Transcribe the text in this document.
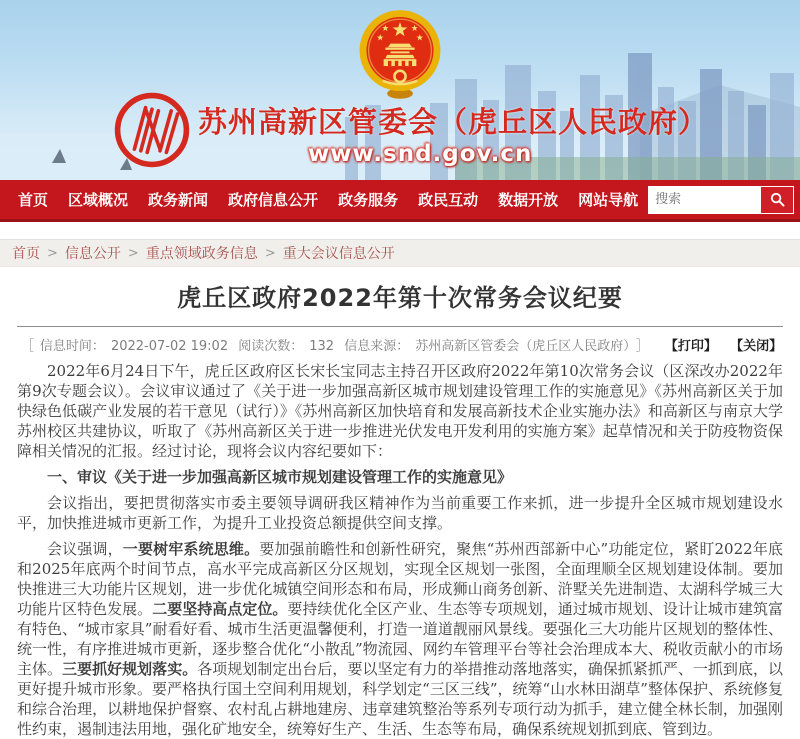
苏州高新区管委会（虎丘区人民政府）
www.snd.gov.cn
首页	区域概况	政务新闻	政府信息公开	政务服务	政民互动	数据开放	网站导航
搜索
首页 > 信息公开 > 重点领域政务信息 > 重大会议信息公开
虎丘区政府2022年第十次常务会议纪要
［ 信息时间： 2022-07-02 19:02 阅读次数： 132 信息来源： 苏州高新区管委会（虎丘区人民政府） ］ 【打印】 【关闭】

2022年6月24日下午，虎丘区政府区长宋长宝同志主持召开区政府2022年第10次常务会议（区深改办2022年第9次专题会议）。会议审议通过了《关于进一步加强高新区城市规划建设管理工作的实施意见》《苏州高新区关于加快绿色低碳产业发展的若干意见（试行）》《苏州高新区加快培育和发展高新技术企业实施办法》和高新区与南京大学苏州校区共建协议，听取了《苏州高新区关于进一步推进光伏发电开发利用的实施方案》起草情况和关于防疫物资保障相关情况的汇报。经过讨论，现将会议内容纪要如下：

一、审议《关于进一步加强高新区城市规划建设管理工作的实施意见》

会议指出，要把贯彻落实市委主要领导调研我区精神作为当前重要工作来抓，进一步提升全区城市规划建设水平，加快推进城市更新工作，为提升工业投资总额提供空间支撑。

会议强调，一要树牢系统思维。要加强前瞻性和创新性研究，聚焦“苏州西部新中心”功能定位，紧盯2022年底和2025年底两个时间节点，高水平完成高新区分区规划，实现全区规划一张图，全面理顺全区规划建设体制。要加快推进三大功能片区规划，进一步优化城镇空间形态和布局，形成狮山商务创新、浒墅关先进制造、太湖科学城三大功能片区特色发展。二要坚持高点定位。要持续优化全区产业、生态等专项规划，通过城市规划、设计让城市建筑富有特色、“城市家具”耐看好看、城市生活更温馨便利，打造一道道靓丽风景线。要强化三大功能片区规划的整体性、统一性，有序推进城市更新，逐步整合优化“小散乱”物流园、网约车管理平台等社会治理成本大、税收贡献小的市场主体。三要抓好规划落实。各项规划制定出台后，要以坚定有力的举措推动落地落实，确保抓紧抓严、一抓到底，以更好提升城市形象。要严格执行国土空间利用规划，科学划定“三区三线”，统筹“山水林田湖草”整体保护、系统修复和综合治理，以耕地保护督察、农村乱占耕地建房、违章建筑整治等系列专项行动为抓手，建立健全林长制，加强刚性约束，遏制违法用地，强化矿地安全，统筹好生产、生活、生态等布局，确保系统规划抓到底、管到边。
